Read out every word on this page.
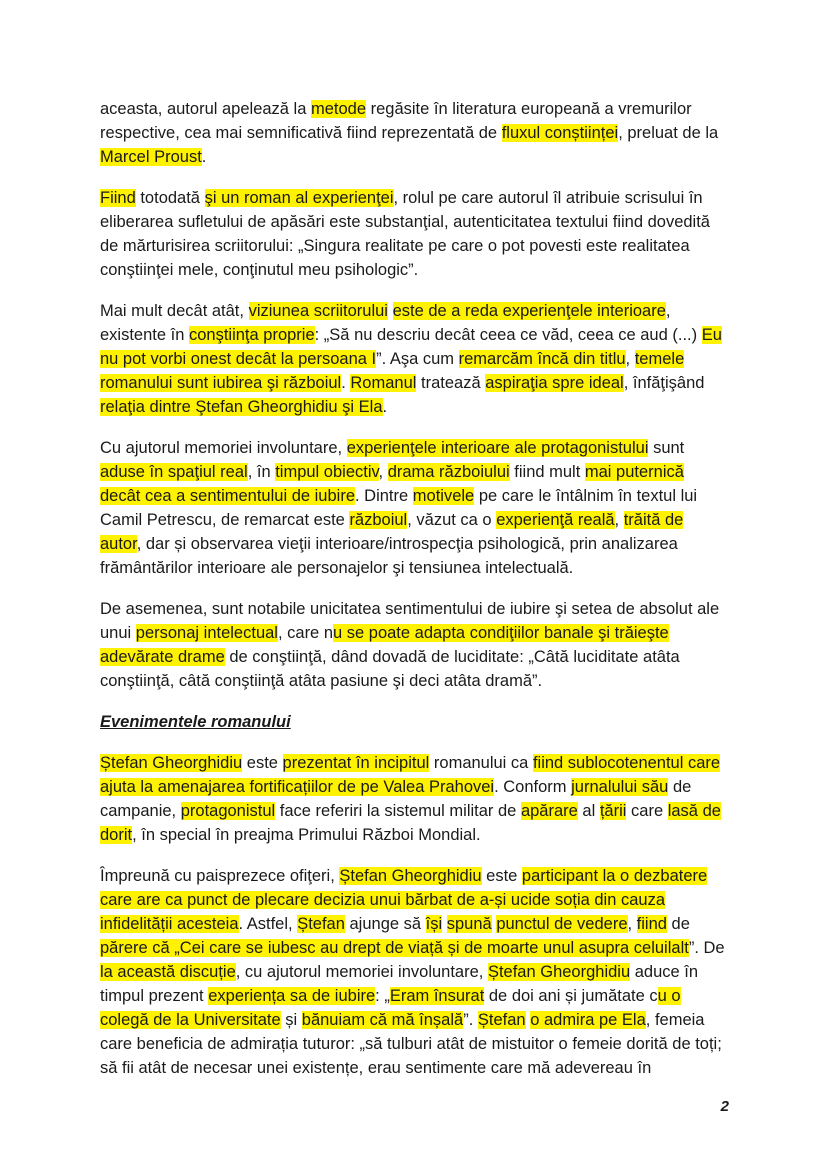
aceasta, autorul apelează la metode regăsite în literatura europeană a vremurilor respective, cea mai semnificativă fiind reprezentată de fluxul conștiinței, preluat de la Marcel Proust.

Fiind totodată şi un roman al experienţei, rolul pe care autorul îl atribuie scrisului în eliberarea sufletului de apăsări este substanţial, autenticitatea textului fiind dovedită de mărturisirea scriitorului: „Singura realitate pe care o pot povesti este realitatea conştiinţei mele, conţinutul meu psihologic”.

Mai mult decât atât, viziunea scriitorului este de a reda experienţele interioare, existente în conştiinţa proprie: „Să nu descriu decât ceea ce văd, ceea ce aud (...) Eu nu pot vorbi onest decât la persoana I”. Aşa cum remarcăm încă din titlu, temele romanului sunt iubirea şi războiul. Romanul tratează aspiraţia spre ideal, înfăţişând relaţia dintre Ştefan Gheorghidiu şi Ela.

Cu ajutorul memoriei involuntare, experienţele interioare ale protagonistului sunt aduse în spaţiul real, în timpul obiectiv, drama războiului fiind mult mai puternică decât cea a sentimentului de iubire. Dintre motivele pe care le întâlnim în textul lui Camil Petrescu, de remarcat este războiul, văzut ca o experienţă reală, trăită de autor, dar și observarea vieţii interioare/introspecţia psihologică, prin analizarea frământărilor interioare ale personajelor şi tensiunea intelectuală.

De asemenea, sunt notabile unicitatea sentimentului de iubire şi setea de absolut ale unui personaj intelectual, care nu se poate adapta condiţiilor banale şi trăieşte adevărate drame de conştiinţă, dând dovadă de luciditate: „Câtă luciditate atâta conştiinţă, câtă conştiinţă atâta pasiune şi deci atâta dramă”.

Evenimentele romanului

Ștefan Gheorghidiu este prezentat în incipitul romanului ca fiind sublocotenentul care ajuta la amenajarea fortificațiilor de pe Valea Prahovei. Conform jurnalului său de campanie, protagonistul face referiri la sistemul militar de apărare al țării care lasă de dorit, în special în preajma Primului Război Mondial.

Împreună cu paisprezece ofiţeri, Ștefan Gheorghidiu este participant la o dezbatere care are ca punct de plecare decizia unui bărbat de a-și ucide soția din cauza infidelității acesteia. Astfel, Ștefan ajunge să își spună punctul de vedere, fiind de părere că „Cei care se iubesc au drept de viață și de moarte unul asupra celuilalt”. De la această discuție, cu ajutorul memoriei involuntare, Ștefan Gheorghidiu aduce în timpul prezent experiența sa de iubire: „Eram însurat de doi ani și jumătate cu o colegă de la Universitate și bănuiam că mă înșală”. Ștefan o admira pe Ela, femeia care beneficia de admirația tuturor: „să tulburi atât de mistuitor o femeie dorită de toți; să fii atât de necesar unei existențe, erau sentimente care mă adevereau în

2
